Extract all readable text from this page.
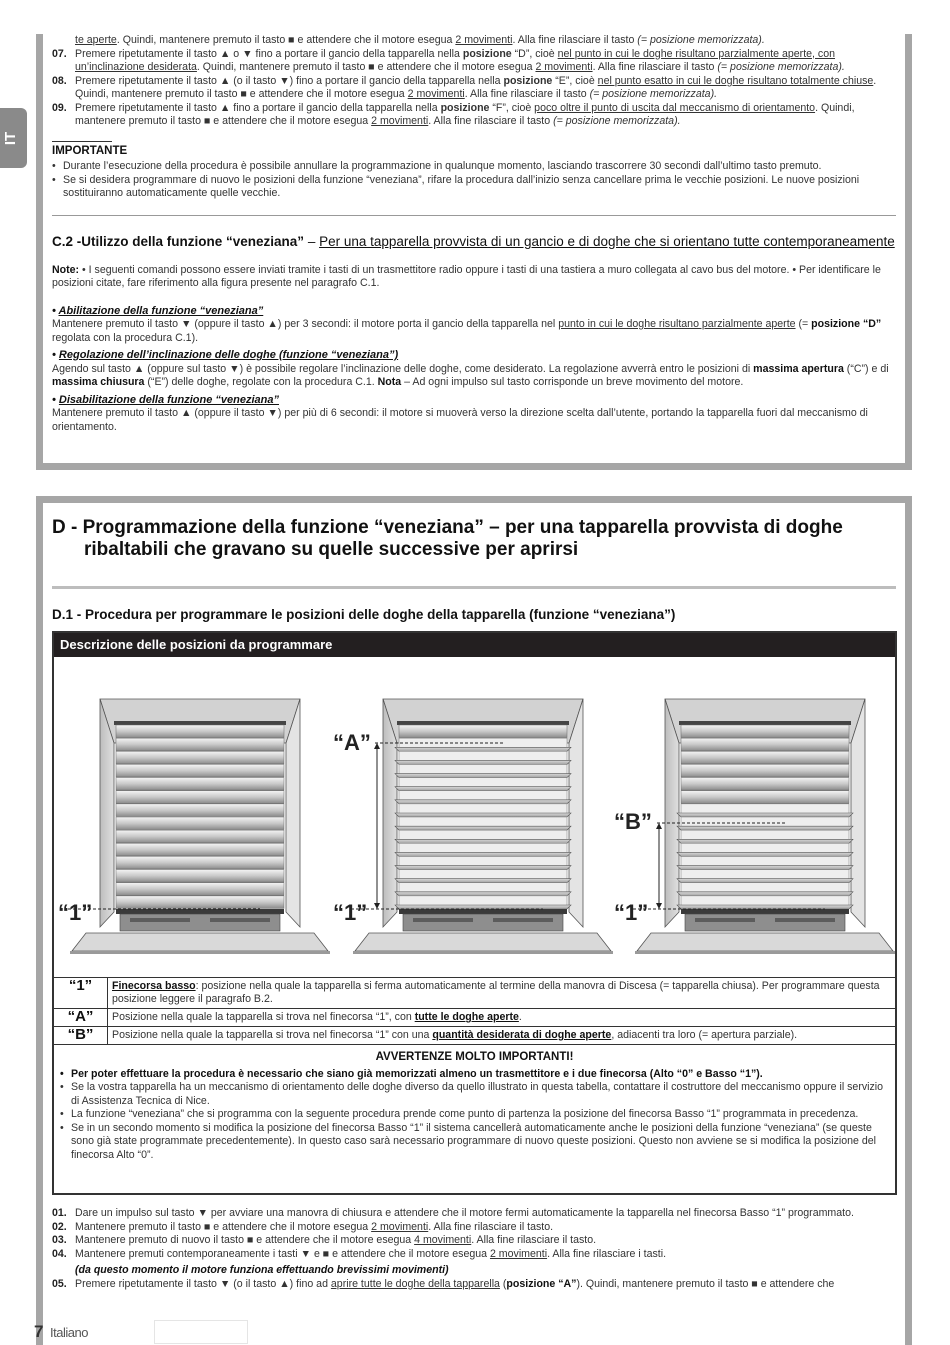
IT
te aperte. Quindi, mantenere premuto il tasto ■ e attendere che il motore esegua 2 movimenti. Alla fine rilasciare il tasto (= posizione memorizzata).
07. Premere ripetutamente il tasto ▲ o ▼ fino a portare il gancio della tapparella nella posizione “D”, cioè nel punto in cui le doghe risultano parzialmente aperte, con un’inclinazione desiderata. Quindi, mantenere premuto il tasto ■ e attendere che il motore esegua 2 movimenti. Alla fine rilasciare il tasto (= posizione memorizzata).
08. Premere ripetutamente il tasto ▲ (o il tasto ▼) fino a portare il gancio della tapparella nella posizione “E”, cioè nel punto esatto in cui le doghe risultano totalmente chiuse. Quindi, mantenere premuto il tasto ■ e attendere che il motore esegua 2 movimenti. Alla fine rilasciare il tasto (= posizione memorizzata).
09. Premere ripetutamente il tasto ▲ fino a portare il gancio della tapparella nella posizione “F”, cioè poco oltre il punto di uscita dal meccanismo di orientamento. Quindi, mantenere premuto il tasto ■ e attendere che il motore esegua 2 movimenti. Alla fine rilasciare il tasto (= posizione memorizzata).
IMPORTANTE
• Durante l’esecuzione della procedura è possibile annullare la programmazione in qualunque momento, lasciando trascorrere 30 secondi dall’ultimo tasto premuto.
• Se si desidera programmare di nuovo le posizioni della funzione “veneziana”, rifare la procedura dall’inizio senza cancellare prima le vecchie posizioni. Le nuove posizioni sostituiranno automaticamente quelle vecchie.
C.2 - Utilizzo della funzione “veneziana” – Per una tapparella provvista di un gancio e di doghe che si orientano tutte contemporaneamente
Note: • I seguenti comandi possono essere inviati tramite i tasti di un trasmettitore radio oppure i tasti di una tastiera a muro collegata al cavo bus del motore. • Per identificare le posizioni citate, fare riferimento alla figura presente nel paragrafo C.1.
• Abilitazione della funzione “veneziana”
Mantenere premuto il tasto ▼ (oppure il tasto ▲) per 3 secondi: il motore porta il gancio della tapparella nel punto in cui le doghe risultano parzialmente aperte (= posizione “D” regolata con la procedura C.1).
• Regolazione dell’inclinazione delle doghe (funzione “veneziana”)
Agendo sul tasto ▲ (oppure sul tasto ▼) è possibile regolare l’inclinazione delle doghe, come desiderato. La regolazione avverrà entro le posizioni di massima apertura (“C”) e di massima chiusura (“E”) delle doghe, regolate con la procedura C.1. Nota – Ad ogni impulso sul tasto corrisponde un breve movimento del motore.
• Disabilitazione della funzione “veneziana”
Mantenere premuto il tasto ▲ (oppure il tasto ▼) per più di 6 secondi: il motore si muoverà verso la direzione scelta dall’utente, portando la tapparella fuori dal meccanismo di orientamento.
D - Programmazione della funzione “veneziana” – per una tapparella provvista di doghe ribaltabili che gravano su quelle successive per aprirsi
D.1 - Procedura per programmare le posizioni delle doghe della tapparella (funzione “veneziana”)
Descrizione delle posizioni da programmare
“1”	“1”
“A”
“1”
“B”
“1”	Finecorsa basso: posizione nella quale la tapparella si ferma automaticamente al termine della manovra di Discesa (= tapparella chiusa). Per programmare questa posizione leggere il paragrafo B.2.
“A”	Posizione nella quale la tapparella si trova nel finecorsa “1”, con tutte le doghe aperte.
“B”	Posizione nella quale la tapparella si trova nel finecorsa “1” con una quantità desiderata di doghe aperte, adiacenti tra loro (= apertura parziale).
AVVERTENZE MOLTO IMPORTANTI!
• Per poter effettuare la procedura è necessario che siano già memorizzati almeno un trasmettitore e i due finecorsa (Alto “0” e Basso “1”).
• Se la vostra tapparella ha un meccanismo di orientamento delle doghe diverso da quello illustrato in questa tabella, contattare il costruttore del meccanismo oppure il servizio di Assistenza Tecnica di Nice.
• La funzione “veneziana” che si programma con la seguente procedura prende come punto di partenza la posizione del finecorsa Basso “1” programmata in precedenza.
• Se in un secondo momento si modifica la posizione del finecorsa Basso “1” il sistema cancellerà automaticamente anche le posizioni della funzione “veneziana” (se queste sono già state programmate precedentemente). In questo caso sarà necessario programmare di nuovo queste posizioni. Questo non avviene se si modifica la posizione del finecorsa Alto “0”.
01. Dare un impulso sul tasto ▼ per avviare una manovra di chiusura e attendere che il motore fermi automaticamente la tapparella nel finecorsa Basso “1” programmato.
02. Mantenere premuto il tasto ■ e attendere che il motore esegua 2 movimenti. Alla fine rilasciare il tasto.
03. Mantenere premuto di nuovo il tasto ■ e attendere che il motore esegua 4 movimenti. Alla fine rilasciare il tasto.
04. Mantenere premuti contemporaneamente i tasti ▼ e ■ e attendere che il motore esegua 2 movimenti. Alla fine rilasciare i tasti.
(da questo momento il motore funziona effettuando brevissimi movimenti)
05. Premere ripetutamente il tasto ▼ (o il tasto ▲) fino ad aprire tutte le doghe della tapparella (posizione “A”). Quindi, mantenere premuto il tasto ■ e attendere che
7 Italiano
